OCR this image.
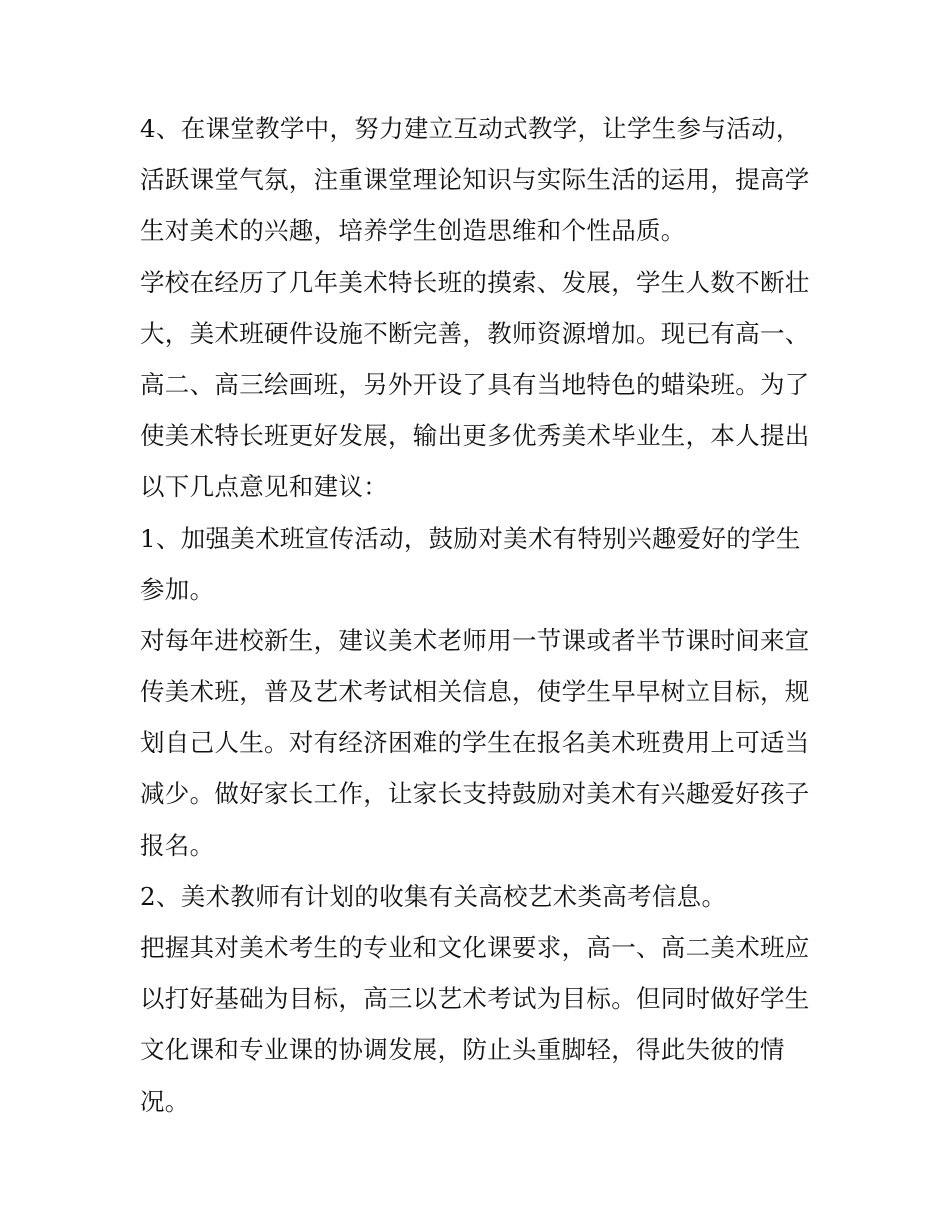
4、在课堂教学中，努力建立互动式教学，让学生参与活动，
活跃课堂气氛，注重课堂理论知识与实际生活的运用，提高学
生对美术的兴趣，培养学生创造思维和个性品质。
学校在经历了几年美术特长班的摸索、发展，学生人数不断壮
大，美术班硬件设施不断完善，教师资源增加。现已有高一、
高二、高三绘画班，另外开设了具有当地特色的蜡染班。为了
使美术特长班更好发展，输出更多优秀美术毕业生，本人提出
以下几点意见和建议：
1、加强美术班宣传活动，鼓励对美术有特别兴趣爱好的学生
参加。
对每年进校新生，建议美术老师用一节课或者半节课时间来宣
传美术班，普及艺术考试相关信息，使学生早早树立目标，规
划自己人生。对有经济困难的学生在报名美术班费用上可适当
减少。做好家长工作，让家长支持鼓励对美术有兴趣爱好孩子
报名。
2、美术教师有计划的收集有关高校艺术类高考信息。
把握其对美术考生的专业和文化课要求，高一、高二美术班应
以打好基础为目标，高三以艺术考试为目标。但同时做好学生
文化课和专业课的协调发展，防止头重脚轻，得此失彼的情
况。
